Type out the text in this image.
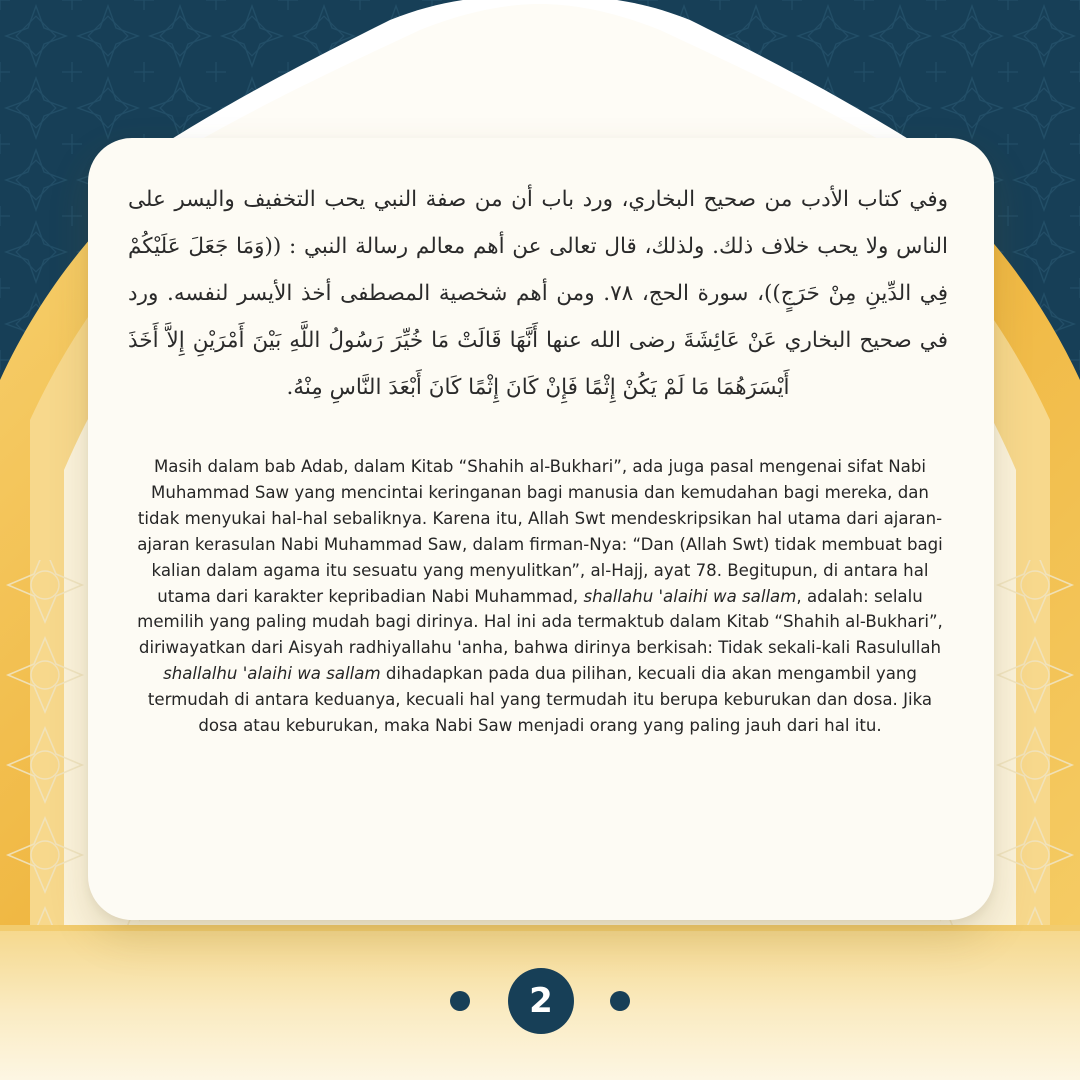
وفي كتاب الأدب من صحيح البخاري، ورد باب أن من صفة النبي يحب التخفيف واليسر على الناس ولا يحب خلاف ذلك. ولذلك، قال تعالى عن أهم معالم رسالة النبي : ((وَمَا جَعَلَ عَلَيْكُمْ فِي الدِّينِ مِنْ حَرَجٍ))، سورة الحج، ٧٨. ومن أهم شخصية المصطفى أخذ الأيسر لنفسه. ورد في صحيح البخاري عَنْ عَائِشَةَ رضى الله عنها أَنَّهَا قَالَتْ مَا خُيِّرَ رَسُولُ اللَّهِ بَيْنَ أَمْرَيْنِ إِلاَّ أَخَذَ أَيْسَرَهُمَا مَا لَمْ يَكُنْ إِثْمًا فَإِنْ كَانَ إِثْمًا كَانَ أَبْعَدَ النَّاسِ مِنْهُ.
Masih dalam bab Adab, dalam Kitab “Shahih al-Bukhari”, ada juga pasal mengenai sifat Nabi Muhammad Saw yang mencintai keringanan bagi manusia dan kemudahan bagi mereka, dan tidak menyukai hal-hal sebaliknya. Karena itu, Allah Swt mendeskripsikan hal utama dari ajaran-ajaran kerasulan Nabi Muhammad Saw, dalam firman-Nya: “Dan (Allah Swt) tidak membuat bagi kalian dalam agama itu sesuatu yang menyulitkan”, al-Hajj, ayat 78. Begitupun, di antara hal utama dari karakter kepribadian Nabi Muhammad, shallahu 'alaihi wa sallam, adalah: selalu memilih yang paling mudah bagi dirinya. Hal ini ada termaktub dalam Kitab “Shahih al-Bukhari”, diriwayatkan dari Aisyah radhiyallahu 'anha, bahwa dirinya berkisah: Tidak sekali-kali Rasulullah shallalhu 'alaihi wa sallam dihadapkan pada dua pilihan, kecuali dia akan mengambil yang termudah di antara keduanya, kecuali hal yang termudah itu berupa keburukan dan dosa. Jika dosa atau keburukan, maka Nabi Saw menjadi orang yang paling jauh dari hal itu.
2
